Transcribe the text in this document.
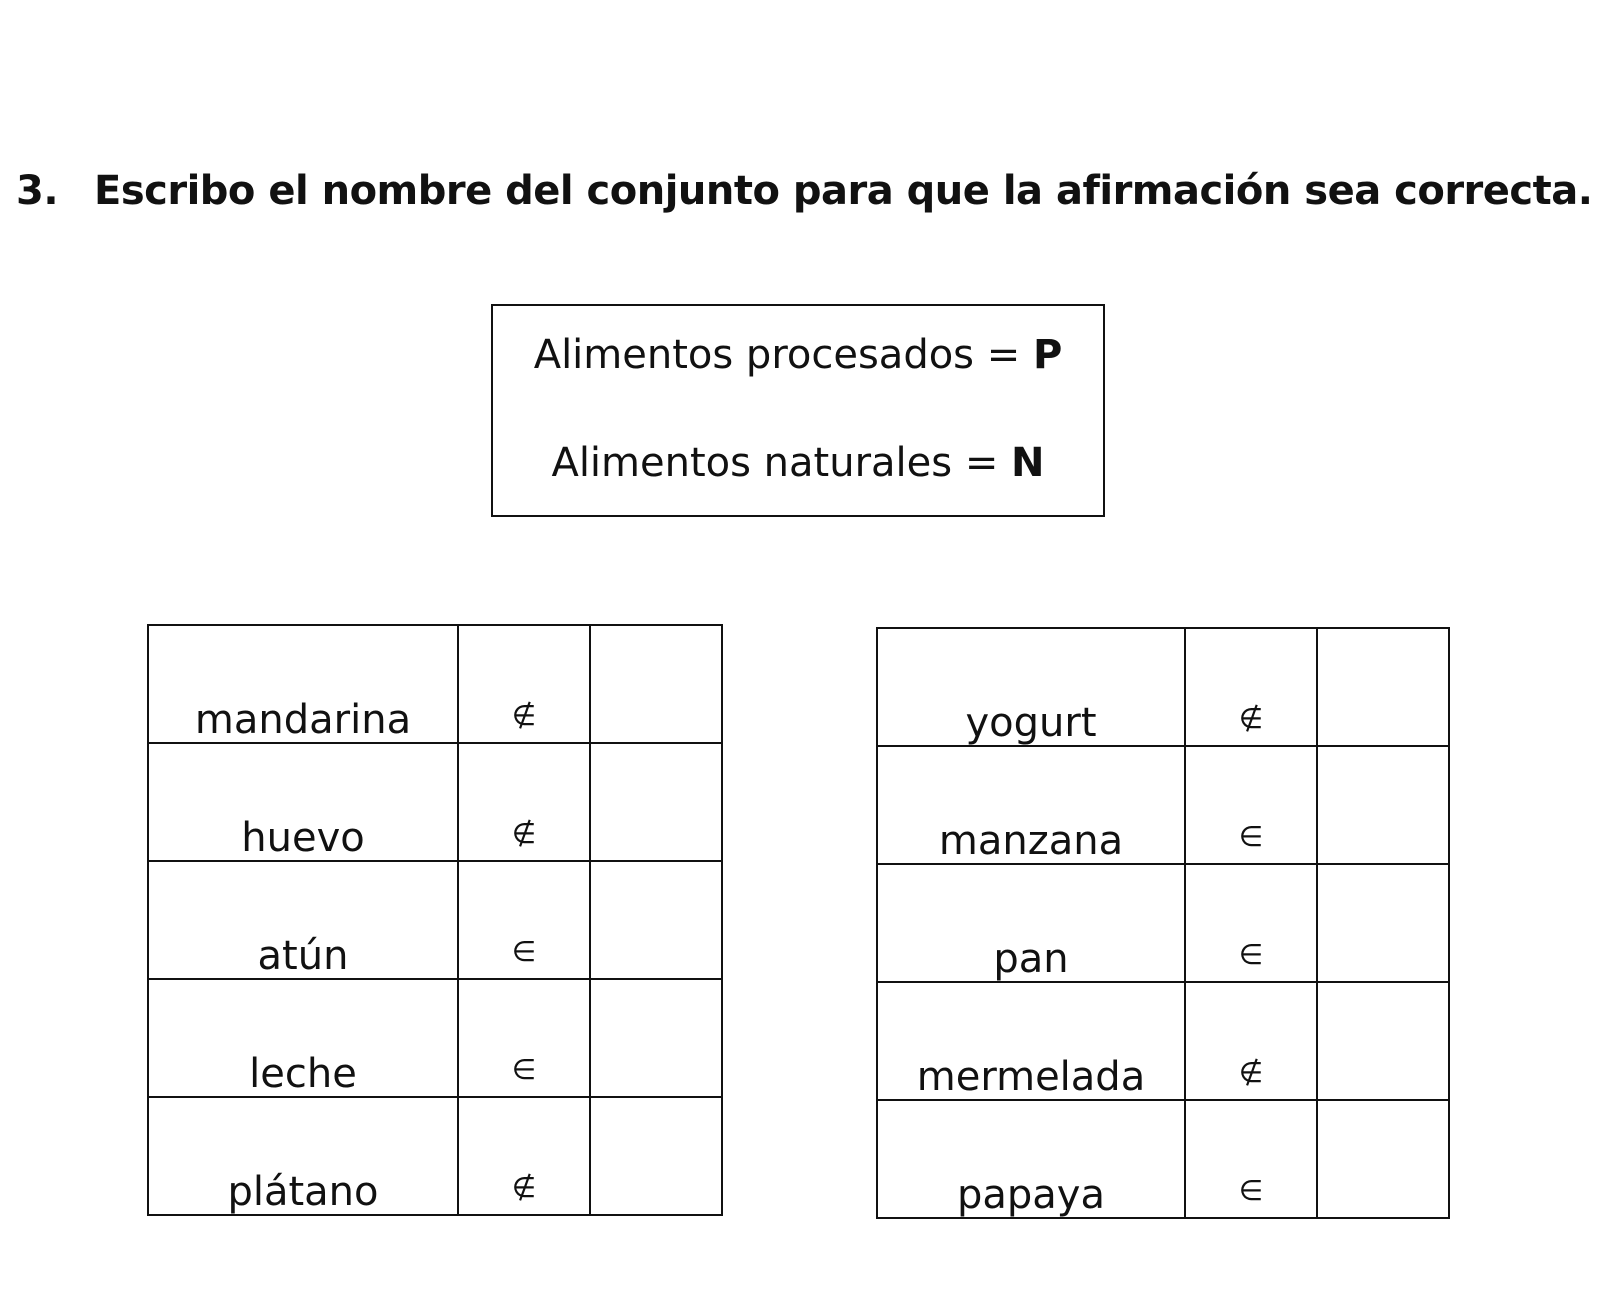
3. Escribo el nombre del conjunto para que la afirmación sea correcta.
Alimentos procesados = P
Alimentos naturales = N
mandarina	∉	
huevo	∉	
atún	∈	
leche	∈	
plátano	∉	
yogurt	∉	
manzana	∈	
pan	∈	
mermelada	∉	
papaya	∈	
